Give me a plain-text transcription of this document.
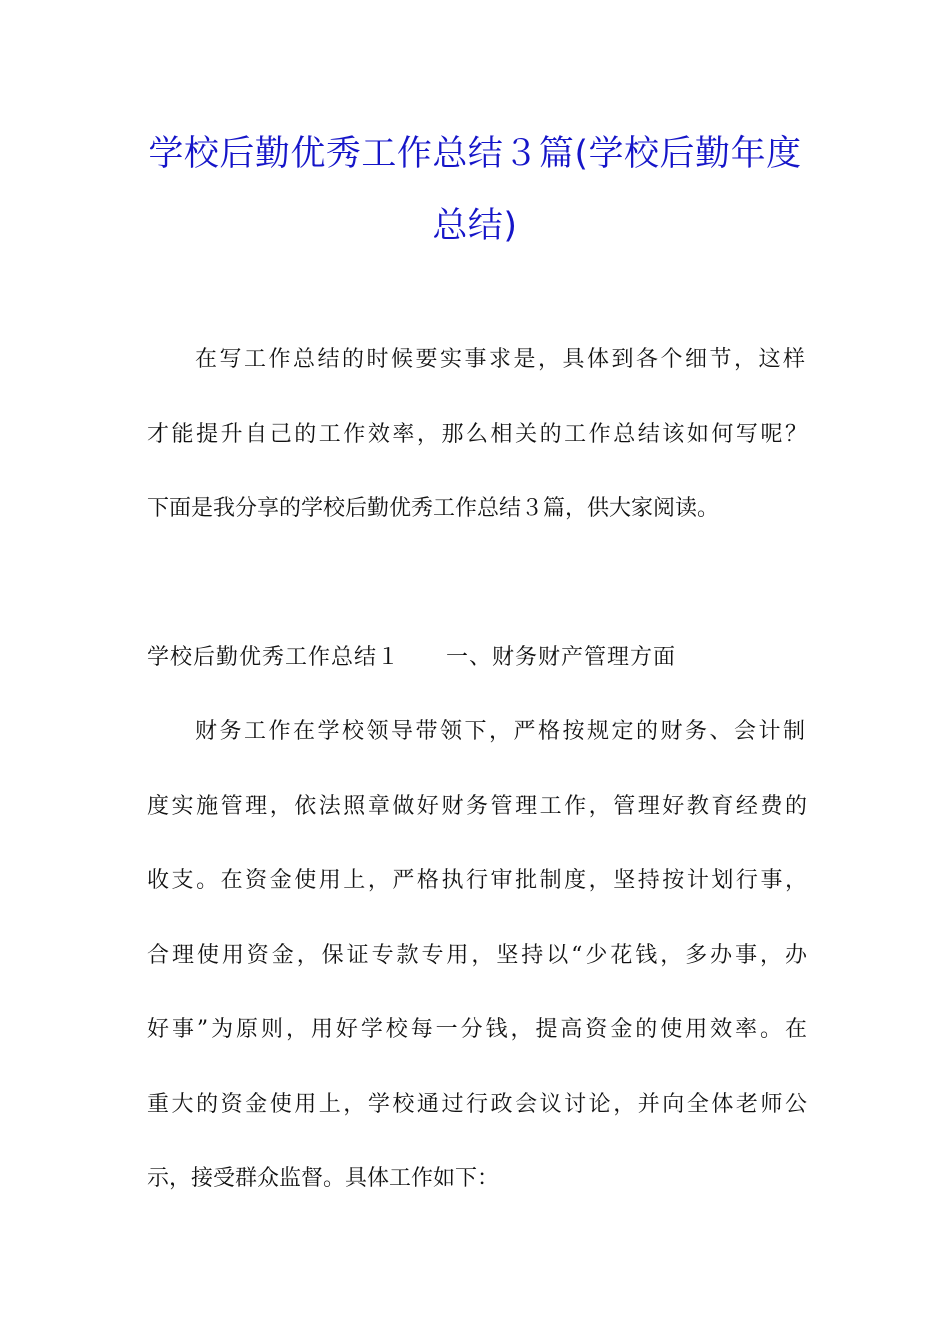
学校后勤优秀工作总结３篇(学校后勤年度
总结)
在写工作总结的时候要实事求是，具体到各个细节，这样
才能提升自己的工作效率，那么相关的工作总结该如何写呢？
下面是我分享的学校后勤优秀工作总结３篇，供大家阅读。
学校后勤优秀工作总结１ 一、财务财产管理方面
财务工作在学校领导带领下，严格按规定的财务、会计制
度实施管理，依法照章做好财务管理工作，管理好教育经费的
收支。在资金使用上，严格执行审批制度，坚持按计划行事，
合理使用资金，保证专款专用，坚持以“少花钱，多办事，办
好事”为原则，用好学校每一分钱，提高资金的使用效率。在
重大的资金使用上，学校通过行政会议讨论，并向全体老师公
示，接受群众监督。具体工作如下：
